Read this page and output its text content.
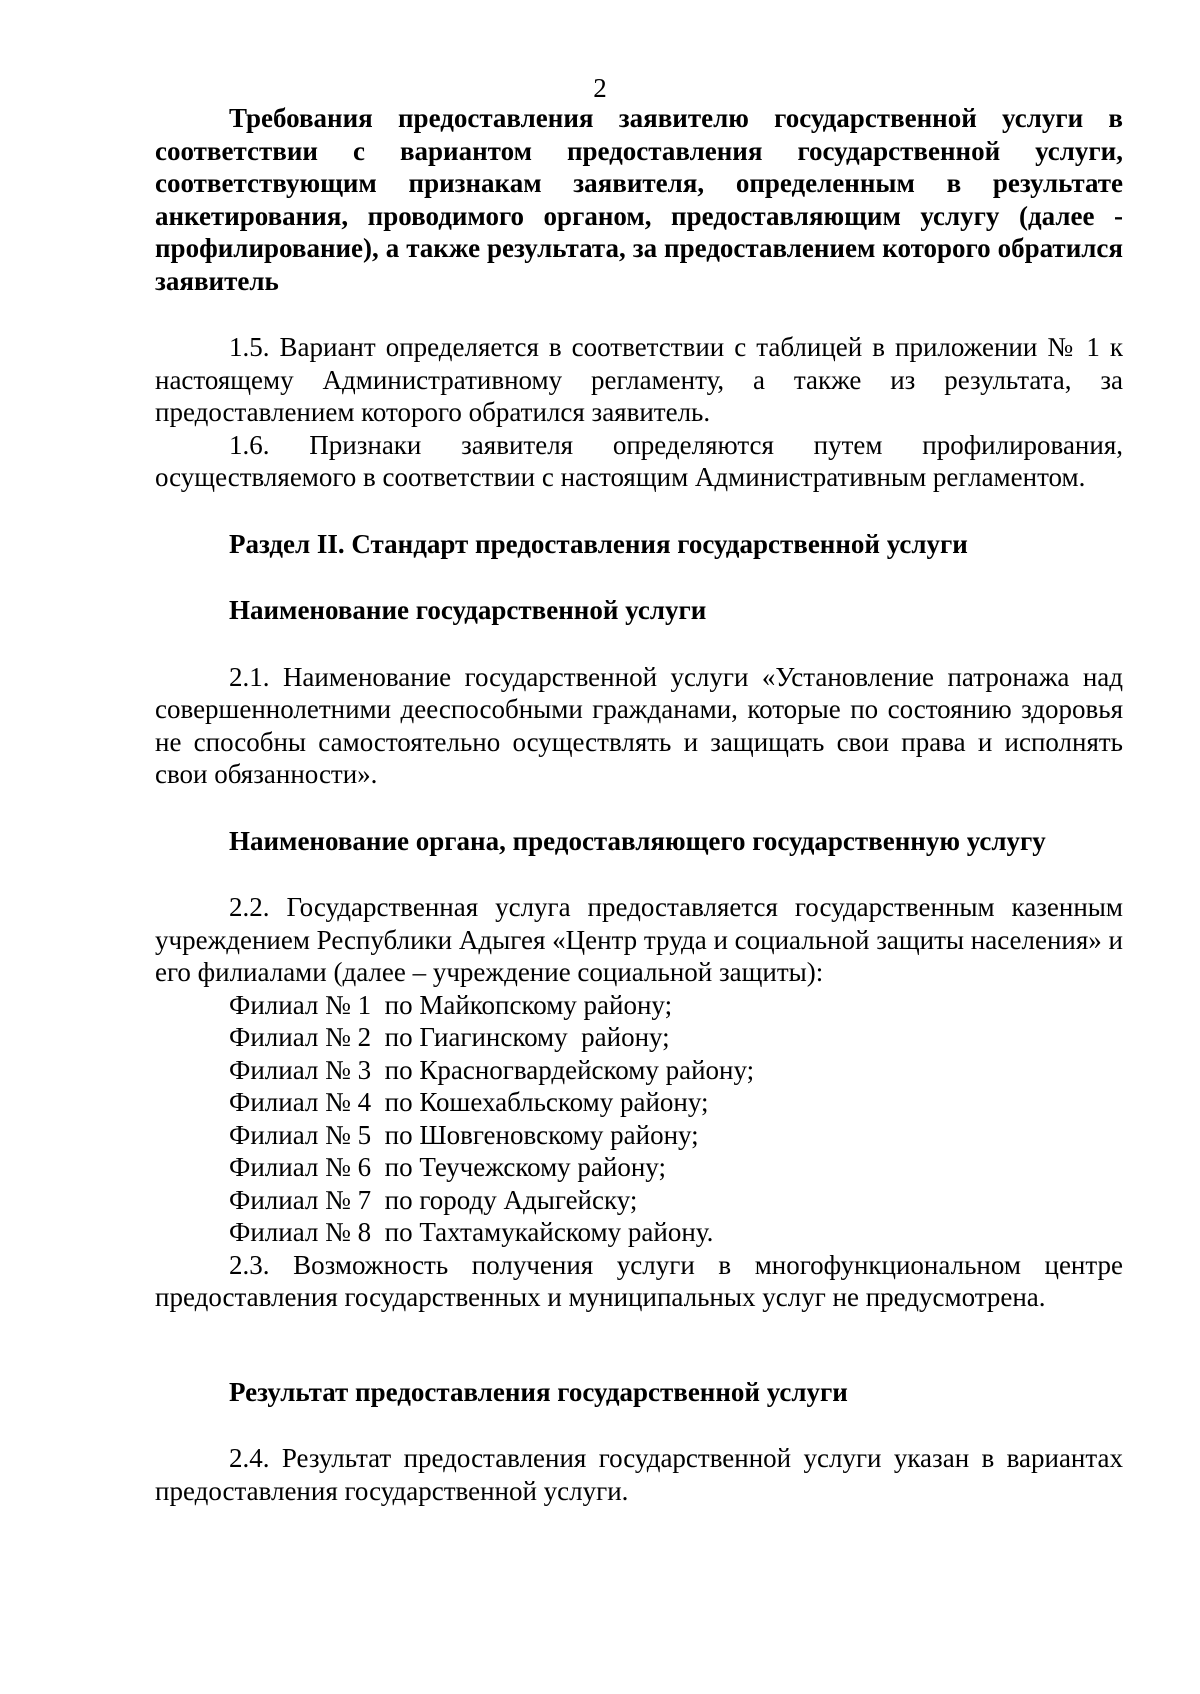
2

Требования предоставления заявителю государственной услуги в соответствии с вариантом предоставления государственной услуги, соответствующим признакам заявителя, определенным в результате анкетирования, проводимого органом, предоставляющим услугу (далее - профилирование), а также результата, за предоставлением которого обратился заявитель

1.5. Вариант определяется в соответствии с таблицей в приложении № 1 к настоящему Административному регламенту, а также из результата, за предоставлением которого обратился заявитель.

1.6. Признаки заявителя определяются путем профилирования, осуществляемого в соответствии с настоящим Административным регламентом.

Раздел II. Стандарт предоставления государственной услуги

Наименование государственной услуги

2.1. Наименование государственной услуги «Установление патронажа над совершеннолетними дееспособными гражданами, которые по состоянию здоровья не способны самостоятельно осуществлять и защищать свои права и исполнять свои обязанности».

Наименование органа, предоставляющего государственную услугу

2.2. Государственная услуга предоставляется государственным казенным учреждением Республики Адыгея «Центр труда и социальной защиты населения» и его филиалами (далее – учреждение социальной защиты):

Филиал № 1  по Майкопскому району;

Филиал № 2  по Гиагинскому  району;

Филиал № 3  по Красногвардейскому району;

Филиал № 4  по Кошехабльскому району;

Филиал № 5  по Шовгеновскому району;

Филиал № 6  по Теучежскому району;

Филиал № 7  по городу Адыгейску;

Филиал № 8  по Тахтамукайскому району.

2.3. Возможность получения услуги в многофункциональном центре предоставления государственных и муниципальных услуг не предусмотрена.

Результат предоставления государственной услуги

2.4. Результат предоставления государственной услуги указан в вариантах предоставления государственной услуги.
